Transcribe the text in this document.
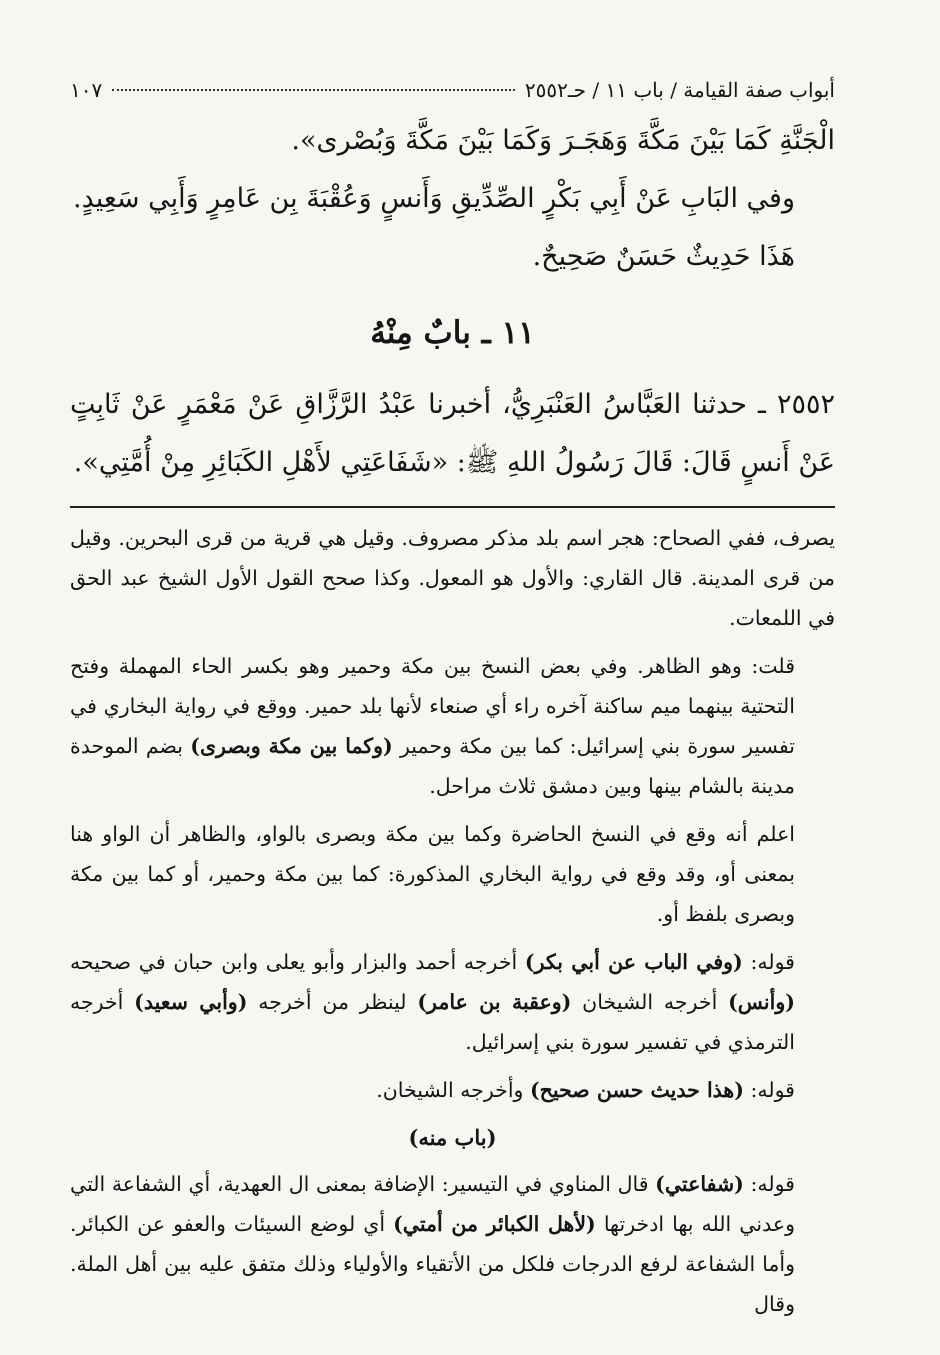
أبواب صفة القيامة / باب ١١ / حـ٢٥٥٢
١٠٧

الْجَنَّةِ كَمَا بَيْنَ مَكَّةَ وَهَجَـرَ وَكَمَا بَيْنَ مَكَّةَ وَبُصْرى».

وفي البَابِ عَنْ أَبِي بَكْرٍ الصِّدِّيقِ وَأَنسٍ وَعُقْبَةَ بِن عَامِرٍ وَأَبِي سَعِيدٍ.

هَذَا حَدِيثٌ حَسَنٌ صَحِيحٌ.

١١ ـ بابٌ مِنْهُ

٢٥٥٢ ـ حدثنا العَبَّاسُ العَنْبَرِيُّ، أخبرنا عَبْدُ الرَّزَّاقِ عَنْ مَعْمَرٍ عَنْ ثَابِتٍ عَنْ أَنسٍ قَالَ: قَالَ رَسُولُ اللهِ ﷺ: «شَفَاعَتِي لأَهْلِ الكَبَائِرِ مِنْ أُمَّتِي».

يصرف، ففي الصحاح: هجر اسم بلد مذكر مصروف. وقيل هي قرية من قرى البحرين. وقيل من قرى المدينة. قال القاري: والأول هو المعول. وكذا صحح القول الأول الشيخ عبد الحق في اللمعات.

قلت: وهو الظاهر. وفي بعض النسخ بين مكة وحمير وهو بكسر الحاء المهملة وفتح التحتية بينهما ميم ساكنة آخره راء أي صنعاء لأنها بلد حمير. ووقع في رواية البخاري في تفسير سورة بني إسرائيل: كما بين مكة وحمير (وكما بين مكة وبصرى) بضم الموحدة مدينة بالشام بينها وبين دمشق ثلاث مراحل.

اعلم أنه وقع في النسخ الحاضرة وكما بين مكة وبصرى بالواو، والظاهر أن الواو هنا بمعنى أو، وقد وقع في رواية البخاري المذكورة: كما بين مكة وحمير، أو كما بين مكة وبصرى بلفظ أو.

قوله: (وفي الباب عن أبي بكر) أخرجه أحمد والبزار وأبو يعلى وابن حبان في صحيحه (وأنس) أخرجه الشيخان (وعقبة بن عامر) لينظر من أخرجه (وأبي سعيد) أخرجه الترمذي في تفسير سورة بني إسرائيل.

قوله: (هذا حديث حسن صحيح) وأخرجه الشيخان.

(باب منه)

قوله: (شفاعتي) قال المناوي في التيسير: الإضافة بمعنى ال العهدية، أي الشفاعة التي وعدني الله بها ادخرتها (لأهل الكبائر من أمتي) أي لوضع السيئات والعفو عن الكبائر. وأما الشفاعة لرفع الدرجات فلكل من الأتقياء والأولياء وذلك متفق عليه بين أهل الملة. وقال
